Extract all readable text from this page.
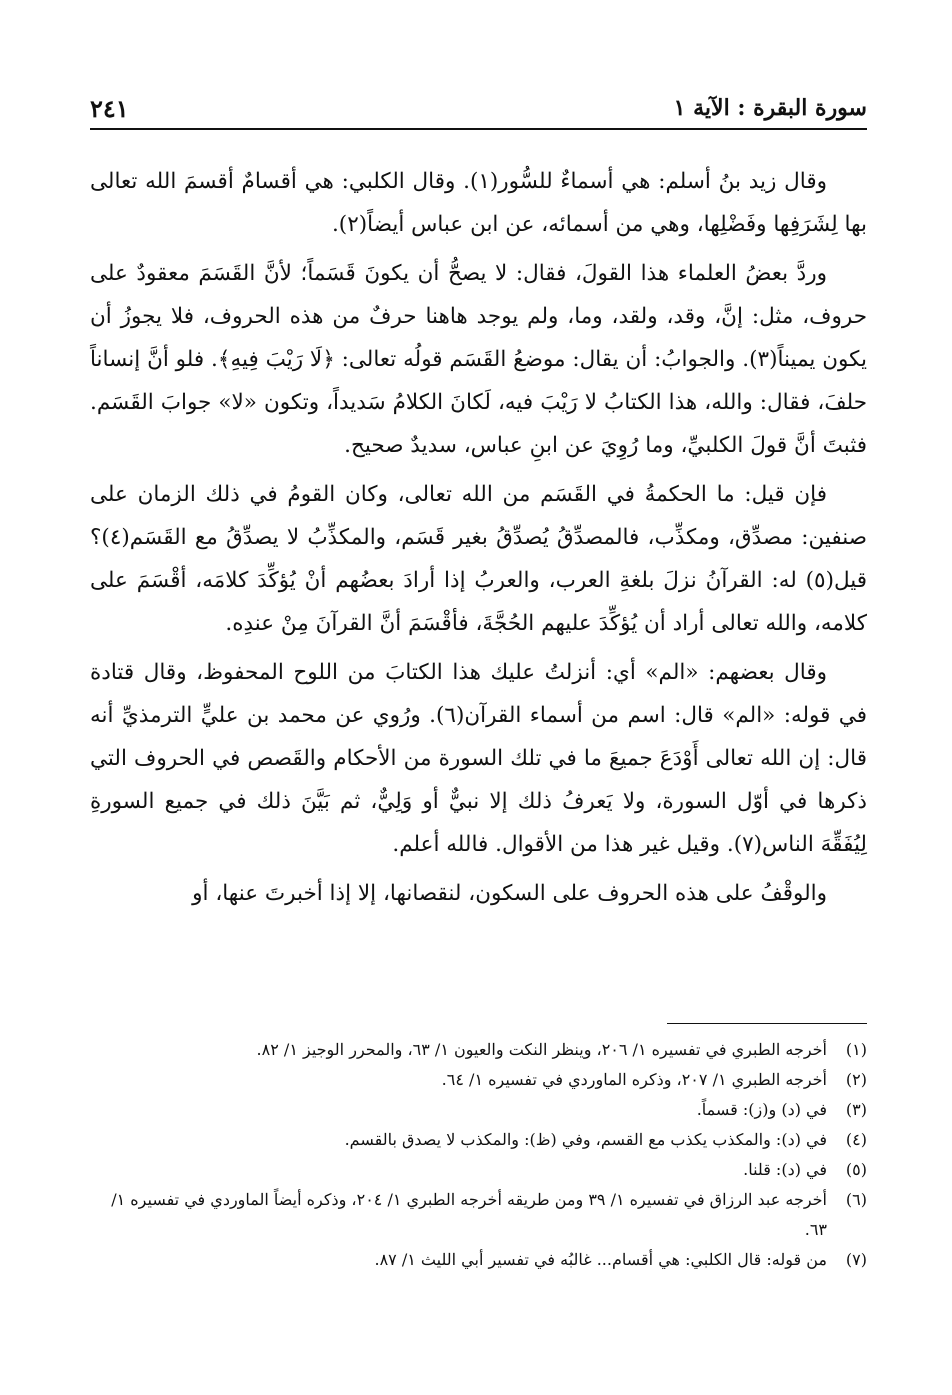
سورة البقرة : الآية ١
٢٤١

وقال زيد بنُ أسلم: هي أسماءٌ للسُّور(١). وقال الكلبي: هي أقسامٌ أقسمَ الله تعالى بها لِشَرَفِها وفَضْلِها، وهي من أسمائه، عن ابن عباس أيضاً(٢).

وردَّ بعضُ العلماء هذا القولَ، فقال: لا يصحُّ أن يكونَ قَسَماً؛ لأنَّ القَسَمَ معقودٌ على حروف، مثل: إنَّ، وقد، ولقد، وما، ولم يوجد هاهنا حرفٌ من هذه الحروف، فلا يجوزُ أن يكون يميناً(٣). والجوابُ: أن يقال: موضعُ القَسَم قولُه تعالى: ﴿لَا رَيْبَ فِيهِ﴾. فلو أنَّ إنساناً حلفَ، فقال: والله، هذا الكتابُ لا رَيْبَ فيه، لَكانَ الكلامُ سَديداً، وتكون «لا» جوابَ القَسَم. فثبتَ أنَّ قولَ الكلبيِّ، وما رُوِيَ عن ابنِ عباس، سديدٌ صحيح.

فإن قيل: ما الحكمةُ في القَسَم من الله تعالى، وكان القومُ في ذلك الزمان على صنفين: مصدِّق، ومكذِّب، فالمصدِّقُ يُصدِّقُ بغير قَسَم، والمكذِّبُ لا يصدِّقُ مع القَسَم(٤)؟ قيل(٥) له: القرآنُ نزلَ بلغةِ العرب، والعربُ إذا أرادَ بعضُهم أنْ يُؤكِّدَ كلامَه، أقْسَمَ على كلامه، والله تعالى أراد أن يُؤكِّدَ عليهم الحُجَّةَ، فأقْسَمَ أنَّ القرآنَ مِنْ عندِه.

وقال بعضهم: «الم» أي: أنزلتُ عليك هذا الكتابَ من اللوح المحفوظ، وقال قتادة في قوله: «الم» قال: اسم من أسماء القرآن(٦). ورُوي عن محمد بن عليٍّ الترمذيِّ أنه قال: إن الله تعالى أَوْدَعَ جميعَ ما في تلك السورة من الأحكام والقَصص في الحروف التي ذكرها في أوّل السورة، ولا يَعرفُ ذلك إلا نبيٌّ أو وَلِيٌّ، ثم بَيَّنَ ذلك في جميع السورةِ لِيُفَقِّهَ الناس(٧). وقيل غير هذا من الأقوال. فالله أعلم.

والوقْفُ على هذه الحروف على السكون، لنقصانها، إلا إذا أخبرتَ عنها، أو

(١)
أخرجه الطبري في تفسيره ١/ ٢٠٦، وينظر النكت والعيون ١/ ٦٣، والمحرر الوجيز ١/ ٨٢.
(٢)
أخرجه الطبري ١/ ٢٠٧، وذكره الماوردي في تفسيره ١/ ٦٤.
(٣)
في (د) و(ز): قسماً.
(٤)
في (د): والمكذب يكذب مع القسم، وفي (ظ): والمكذب لا يصدق بالقسم.
(٥)
في (د): قلنا.
(٦)
أخرجه عبد الرزاق في تفسيره ١/ ٣٩ ومن طريقه أخرجه الطبري ١/ ٢٠٤، وذكره أيضاً الماوردي في تفسيره ١/ ٦٣.
(٧)
من قوله: قال الكلبي: هي أقسام... غالبُه في تفسير أبي الليث ١/ ٨٧.
